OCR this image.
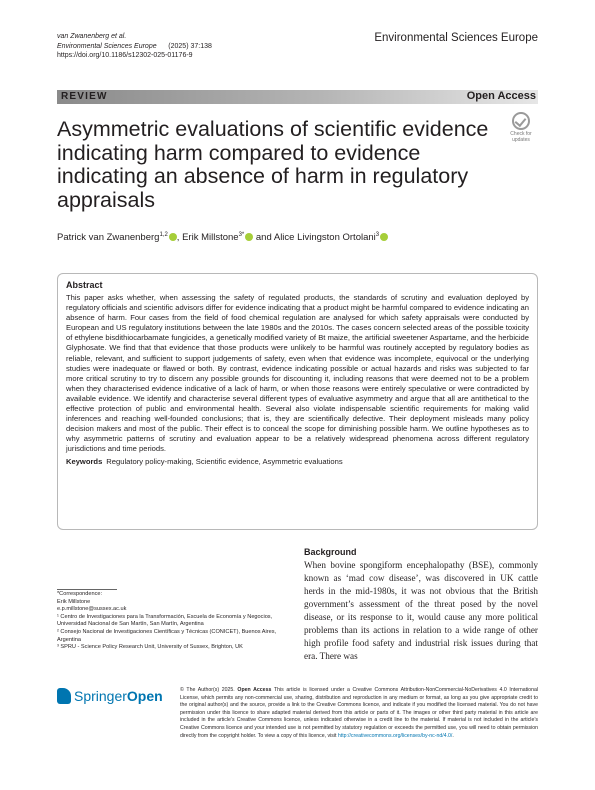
van Zwanenberg et al.
Environmental Sciences Europe (2025) 37:138
https://doi.org/10.1186/s12302-025-01176-9
Environmental Sciences Europe
REVIEW	Open Access
Check for
updates
Asymmetric evaluations of scientific evidence indicating harm compared to evidence indicating an absence of harm in regulatory appraisals
Patrick van Zwanenberg$^{1,2}$ , Erik Millstone$^{3*}$ and Alice Livingston Ortolani$^3$
Abstract

This paper asks whether, when assessing the safety of regulated products, the standards of scrutiny and evaluation deployed by regulatory officials and scientific advisors differ for evidence indicating that a product might be harmful compared to evidence indicating an absence of harm. Four cases from the field of food chemical regulation are analysed for which safety appraisals were conducted by European and US regulatory institutions between the late 1980s and the 2010s. The cases concern selected areas of the possible toxicity of ethylene bisdithiocarbamate fungicides, a genetically modified variety of Bt maize, the artificial sweetener Aspartame, and the herbicide Glyphosate. We find that that evidence that those products were unlikely to be harmful was routinely accepted by regulatory bodies as reliable, relevant, and sufficient to support judgements of safety, even when that evidence was incomplete, equivocal or the underlying studies were inadequate or flawed or both. By contrast, evidence indicating possible or actual hazards and risks was subjected to far more critical scrutiny to try to discern any possible grounds for discounting it, including reasons that were deemed not to be a problem when they characterised evidence indicative of a lack of harm, or when those reasons were entirely speculative or were contradicted by available evidence. We identify and characterise several different types of evaluative asymmetry and argue that all are antithetical to the effective protection of public and environmental health. Several also violate indispensable scientific requirements for making valid inferences and reaching well-founded conclusions; that is, they are scientifically defective. Their deployment misleads many policy decision makers and most of the public. Their effect is to conceal the scope for diminishing possible harm. We outline hypotheses as to why asymmetric patterns of scrutiny and evaluation appear to be a relatively widespread phenomena across different regulatory jurisdictions and time periods.

Keywords Regulatory policy-making, Scientific evidence, Asymmetric evaluations
*Correspondence:
Erik Millstone
e.p.millstone@sussex.ac.uk
¹ Centro de Investigaciones para la Transformación, Escuela de Economía y Negocios, Universidad Nacional de San Martín, San Martín, Argentina
² Consejo Nacional de Investigaciones Científicas y Técnicas (CONICET), Buenos Aires, Argentina
³ SPRU - Science Policy Research Unit, University of Sussex, Brighton, UK
Background
When bovine spongiform encephalopathy (BSE), commonly known as ‘mad cow disease’, was discovered in UK cattle herds in the mid-1980s, it was not obvious that the British government’s assessment of the threat posed by the novel disease, or its response to it, would cause any more political problems than its actions in relation to a wide range of other high profile food safety and industrial risk issues during that era. There was
SpringerOpen	© The Author(s) 2025. Open Access This article is licensed under a Creative Commons Attribution-NonCommercial-NoDerivatives 4.0 International License, which permits any non-commercial use, sharing, distribution and reproduction in any medium or format, as long as you give appropriate credit to the original author(s) and the source, provide a link to the Creative Commons licence, and indicate if you modified the licensed material. You do not have permission under this licence to share adapted material derived from this article or parts of it. The images or other third party material in this article are included in the article’s Creative Commons licence, unless indicated otherwise in a credit line to the material. If material is not included in the article’s Creative Commons licence and your intended use is not permitted by statutory regulation or exceeds the permitted use, you will need to obtain permission directly from the copyright holder. To view a copy of this licence, visit http://creativecommons.org/licenses/by-nc-nd/4.0/.
